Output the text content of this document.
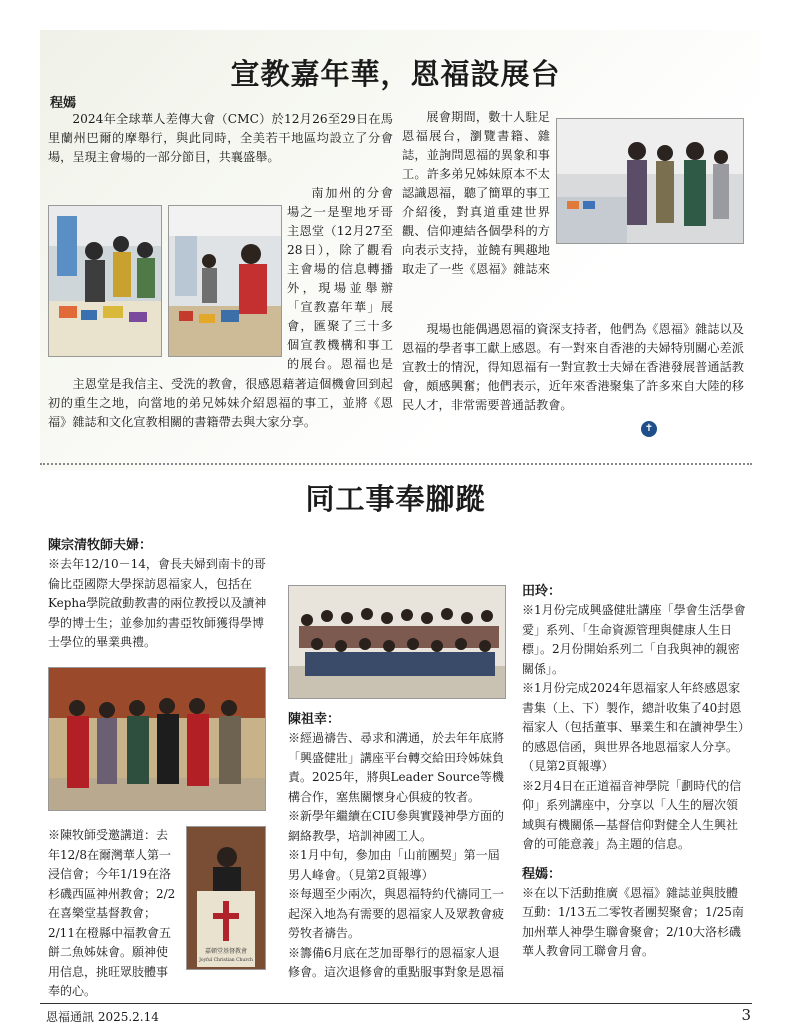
宣教嘉年華，恩福設展台
程嫣

2024年全球華人差傳大會（CMC）於12月26至29日在馬里蘭州巴爾的摩舉行，與此同時，全美若干地區均設立了分會場，呈現主會場的一部分節目，共襄盛舉。

南加州的分會場之一是聖地牙哥主恩堂（12月27至28日），除了觀看主會場的信息轉播外，現場並舉辦「宣教嘉年華」展會，匯聚了三十多個宣教機構和事工的展台。恩福也是

主恩堂是我信主、受洗的教會，很感恩藉著這個機會回到起初的重生之地，向當地的弟兄姊妹介紹恩福的事工，並將《恩福》雜誌和文化宣教相關的書籍帶去與大家分享。

展會期間，數十人駐足恩福展台，瀏覽書籍、雜誌，並詢問恩福的異象和事工。許多弟兄姊妹原本不太認識恩福，聽了簡單的事工介紹後，對真道重建世界觀、信仰連結各個學科的方向表示支持，並饒有興趣地取走了一些《恩福》雜誌來

現場也能偶遇恩福的資深支持者，他們為《恩福》雜誌以及恩福的學者事工獻上感恩。有一對來自香港的夫婦特別關心差派宣教士的情況，得知恩福有一對宣教士夫婦在香港發展普通話教會，頗感興奮；他們表示，近年來香港聚集了許多來自大陸的移民人才，非常需要普通話教會。

✝
同工事奉腳蹤
陳宗清牧師夫婦：
※去年12/10－14，會長夫婦到南卡的哥倫比亞國際大學探訪恩福家人，包括在Kepha學院啟動教書的兩位教授以及讀神學的博士生；並參加約書亞牧師獲得學博士學位的畢業典禮。
※陳牧師受邀講道：去年12/8在爾灣華人第一浸信會；今年1/19在洛杉磯西區神州教會；2/2在喜樂堂基督教會；2/11在橙縣中福教會五餅二魚姊妹會。願神使用信息，挑旺眾肢體事奉的心。
嘉頓堂基督教會
Joyful Christian Church
陳祖幸：
※經過禱告、尋求和溝通，於去年年底將「興盛健壯」講座平台轉交給田玲姊妹負責。2025年，將與Leader Source等機構合作，塞焦關懷身心俱疲的牧者。
※新學年繼續在CIU參與實踐神學方面的網絡教學，培訓神國工人。
※1月中旬，參加由「山前團契」第一屆男人峰會。（見第2頁報導）
※每週至少兩次，與恩福特約代禱同工一起深入地為有需要的恩福家人及眾教會疲勞牧者禱告。
※籌備6月底在芝加哥舉行的恩福家人退修會。這次退修會的重點服事對象是恩福
田玲：
※1月份完成興盛健壯講座「學會生活學會愛」系列、「生命資源管理與健康人生日標」。2月份開始系列二「自我與神的親密關係」。
※1月份完成2024年恩福家人年終感恩家書集（上、下）製作，總計收集了40封恩福家人（包括董事、畢業生和在讀神學生）的感恩信函，與世界各地恩福家人分享。（見第2頁報導）
※2月4日在正道福音神學院「劃時代的信仰」系列講座中，分享以「人生的層次領域與有機關係—基督信仰對健全人生興社會的可能意義」為主題的信息。
程嫣：
※在以下活動推廣《恩福》雜誌並與肢體互動：1/13五二零牧者團契聚會；1/25南加州華人神學生聯會聚會；2/10大洛杉磯華人教會同工聯會月會。
恩福通訊 2025.2.14	3
